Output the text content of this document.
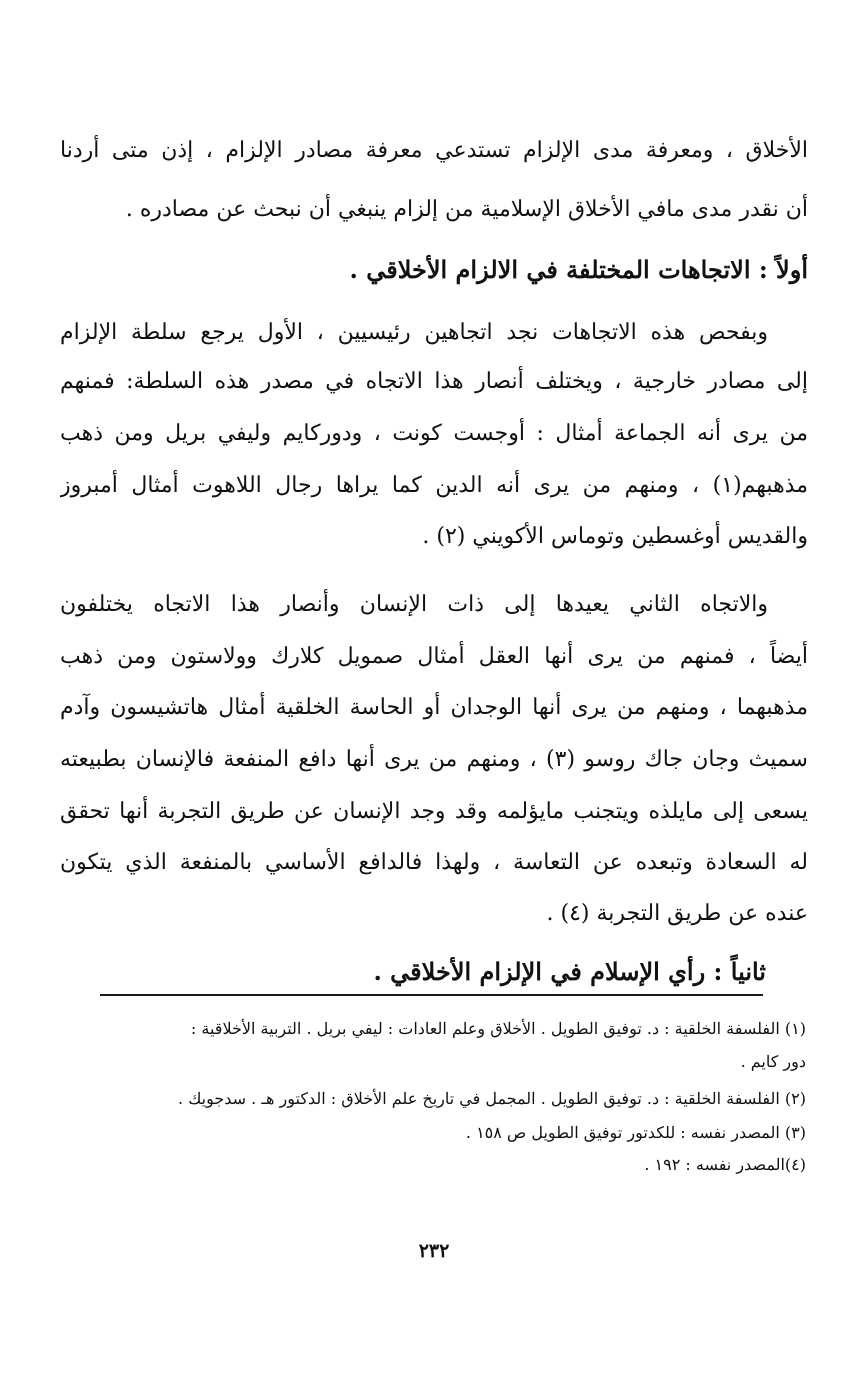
الأخلاق ، ومعرفة مدى الإلزام تستدعي معرفة مصادر الإلزام ، إذن متى أردنا
أن نقدر مدى مافي الأخلاق الإسلامية من إلزام ينبغي أن نبحث عن مصادره .
أولاً : الاتجاهات المختلفة في الالزام الأخلاقي .
وبفحص هذه الاتجاهات نجد اتجاهين رئيسيين ، الأول يرجع سلطة الإلزام
إلى مصادر خارجية ، ويختلف أنصار هذا الاتجاه في مصدر هذه السلطة: فمنهم
من يرى أنه الجماعة أمثال : أوجست كونت ، ودوركايم وليفي بريل ومن ذهب
مذهبهم(١) ، ومنهم من يرى أنه الدين كما يراها رجال اللاهوت أمثال أمبروز
والقديس أوغسطين وتوماس الأكويني (٢) .
والاتجاه الثاني يعيدها إلى ذات الإنسان وأنصار هذا الاتجاه يختلفون
أيضاً ، فمنهم من يرى أنها العقل أمثال صمويل كلارك وولاستون ومن ذهب
مذهبهما ، ومنهم من يرى أنها الوجدان أو الحاسة الخلقية أمثال هاتشيسون وآدم
سميث وجان جاك روسو (٣) ، ومنهم من يرى أنها دافع المنفعة فالإنسان بطبيعته
يسعى إلى مايلذه ويتجنب مايؤلمه وقد وجد الإنسان عن طريق التجربة أنها تحقق
له السعادة وتبعده عن التعاسة ، ولهذا فالدافع الأساسي بالمنفعة الذي يتكون
عنده عن طريق التجربة (٤) .
ثانياً : رأي الإسلام في الإلزام الأخلاقي .
(١) الفلسفة الخلقية : د. توفيق الطويل . الأخلاق وعلم العادات : ليفي بريل . التربية الأخلاقية :
دور كايم .
(٢) الفلسفة الخلقية : د. توفيق الطويل . المجمل في تاريخ علم الأخلاق : الدكتور هـ . سدجويك .
(٣) المصدر نفسه : للكدتور توفيق الطويل ص ١٥٨ .
(٤)المصدر نفسه : ١٩٢ .
٢٣٢
